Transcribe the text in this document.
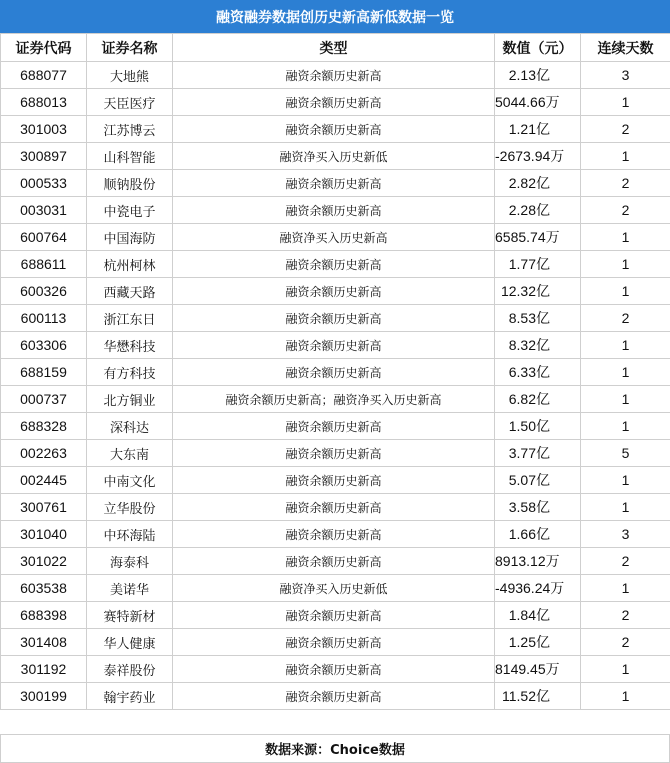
融资融券数据创历史新高新低数据一览
证券代码	证券名称	类型	数值（元）	连续天数
688077	大地熊	融资余额历史新高	2.13亿	3
688013	天臣医疗	融资余额历史新高	5044.66万	1
301003	江苏博云	融资余额历史新高	1.21亿	2
300897	山科智能	融资净买入历史新低	-2673.94万	1
000533	顺钠股份	融资余额历史新高	2.82亿	2
003031	中瓷电子	融资余额历史新高	2.28亿	2
600764	中国海防	融资净买入历史新高	6585.74万	1
688611	杭州柯林	融资余额历史新高	1.77亿	1
600326	西藏天路	融资余额历史新高	12.32亿	1
600113	浙江东日	融资余额历史新高	8.53亿	2
603306	华懋科技	融资余额历史新高	8.32亿	1
688159	有方科技	融资余额历史新高	6.33亿	1
000737	北方铜业	融资余额历史新高；融资净买入历史新高	6.82亿	1
688328	深科达	融资余额历史新高	1.50亿	1
002263	大东南	融资余额历史新高	3.77亿	5
002445	中南文化	融资余额历史新高	5.07亿	1
300761	立华股份	融资余额历史新高	3.58亿	1
301040	中环海陆	融资余额历史新高	1.66亿	3
301022	海泰科	融资余额历史新高	8913.12万	2
603538	美诺华	融资净买入历史新低	-4936.24万	1
688398	赛特新材	融资余额历史新高	1.84亿	2
301408	华人健康	融资余额历史新高	1.25亿	2
301192	泰祥股份	融资余额历史新高	8149.45万	1
300199	翰宇药业	融资余额历史新高	11.52亿	1
数据来源：Choice数据
